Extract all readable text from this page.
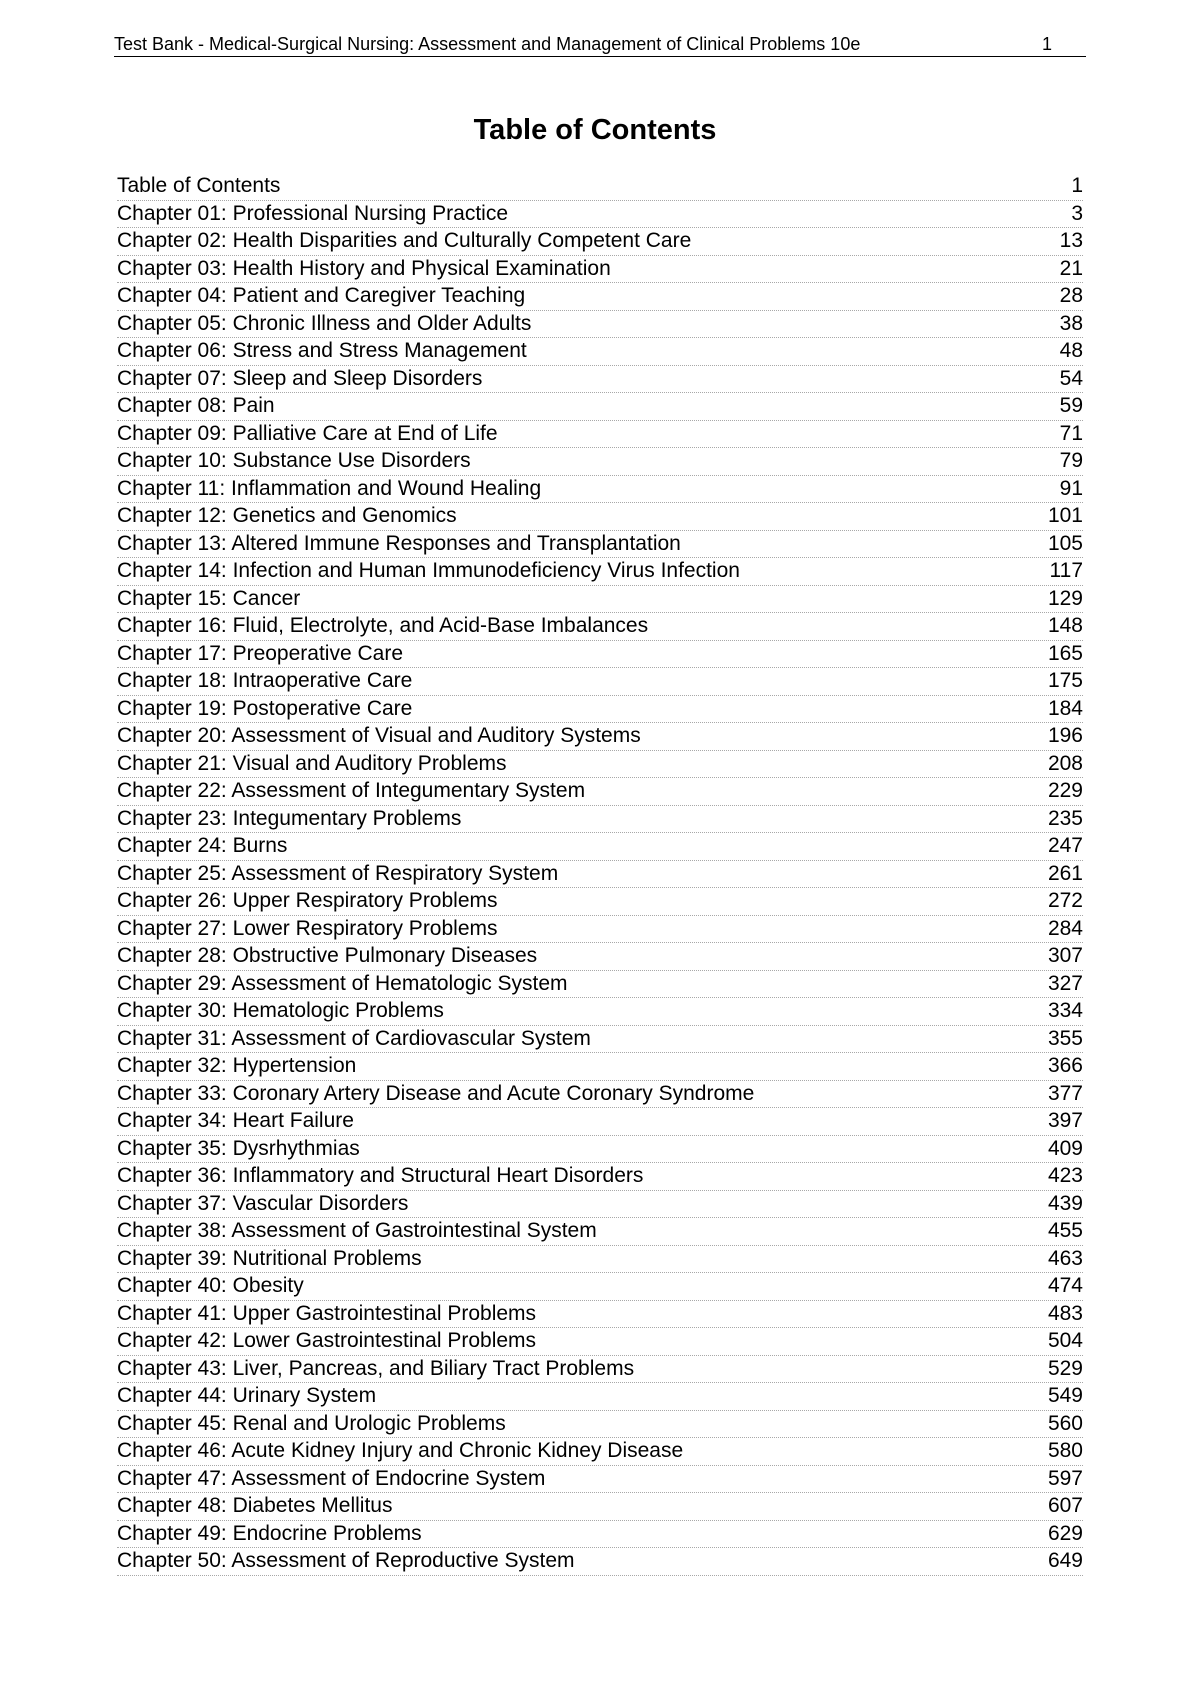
Test Bank - Medical-Surgical Nursing: Assessment and Management of Clinical Problems 10e	1
Table of Contents
Table of Contents	1
Chapter 01: Professional Nursing Practice	3
Chapter 02: Health Disparities and Culturally Competent Care	13
Chapter 03: Health History and Physical Examination	21
Chapter 04: Patient and Caregiver Teaching	28
Chapter 05: Chronic Illness and Older Adults	38
Chapter 06: Stress and Stress Management	48
Chapter 07: Sleep and Sleep Disorders	54
Chapter 08: Pain	59
Chapter 09: Palliative Care at End of Life	71
Chapter 10: Substance Use Disorders	79
Chapter 11: Inflammation and Wound Healing	91
Chapter 12: Genetics and Genomics	101
Chapter 13: Altered Immune Responses and Transplantation	105
Chapter 14: Infection and Human Immunodeficiency Virus Infection	117
Chapter 15: Cancer	129
Chapter 16: Fluid, Electrolyte, and Acid-Base Imbalances	148
Chapter 17: Preoperative Care	165
Chapter 18: Intraoperative Care	175
Chapter 19: Postoperative Care	184
Chapter 20: Assessment of Visual and Auditory Systems	196
Chapter 21: Visual and Auditory Problems	208
Chapter 22: Assessment of Integumentary System	229
Chapter 23: Integumentary Problems	235
Chapter 24: Burns	247
Chapter 25: Assessment of Respiratory System	261
Chapter 26: Upper Respiratory Problems	272
Chapter 27: Lower Respiratory Problems	284
Chapter 28: Obstructive Pulmonary Diseases	307
Chapter 29: Assessment of Hematologic System	327
Chapter 30: Hematologic Problems	334
Chapter 31: Assessment of Cardiovascular System	355
Chapter 32: Hypertension	366
Chapter 33: Coronary Artery Disease and Acute Coronary Syndrome	377
Chapter 34: Heart Failure	397
Chapter 35: Dysrhythmias	409
Chapter 36: Inflammatory and Structural Heart Disorders	423
Chapter 37: Vascular Disorders	439
Chapter 38: Assessment of Gastrointestinal System	455
Chapter 39: Nutritional Problems	463
Chapter 40: Obesity	474
Chapter 41: Upper Gastrointestinal Problems	483
Chapter 42: Lower Gastrointestinal Problems	504
Chapter 43: Liver, Pancreas, and Biliary Tract Problems	529
Chapter 44: Urinary System	549
Chapter 45: Renal and Urologic Problems	560
Chapter 46: Acute Kidney Injury and Chronic Kidney Disease	580
Chapter 47: Assessment of Endocrine System	597
Chapter 48: Diabetes Mellitus	607
Chapter 49: Endocrine Problems	629
Chapter 50: Assessment of Reproductive System	649
